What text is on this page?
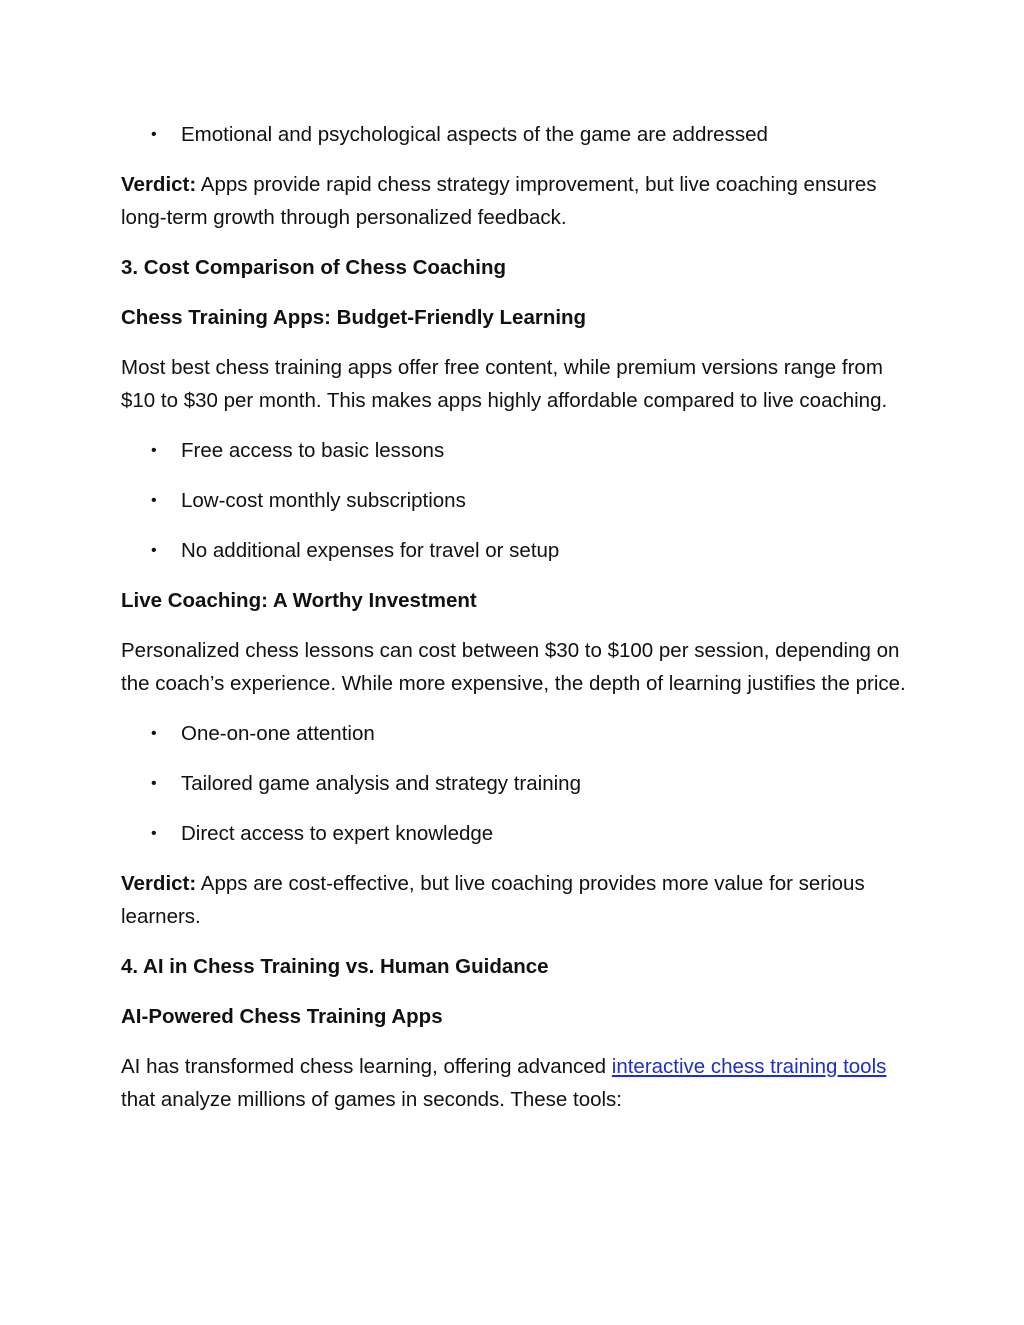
• Emotional and psychological aspects of the game are addressed

Verdict: Apps provide rapid chess strategy improvement, but live coaching ensures long-term growth through personalized feedback.

3. Cost Comparison of Chess Coaching

Chess Training Apps: Budget-Friendly Learning

Most best chess training apps offer free content, while premium versions range from $10 to $30 per month. This makes apps highly affordable compared to live coaching.

• Free access to basic lessons
• Low-cost monthly subscriptions
• No additional expenses for travel or setup

Live Coaching: A Worthy Investment

Personalized chess lessons can cost between $30 to $100 per session, depending on the coach’s experience. While more expensive, the depth of learning justifies the price.

• One-on-one attention
• Tailored game analysis and strategy training
• Direct access to expert knowledge

Verdict: Apps are cost-effective, but live coaching provides more value for serious learners.

4. AI in Chess Training vs. Human Guidance

AI-Powered Chess Training Apps

AI has transformed chess learning, offering advanced interactive chess training tools that analyze millions of games in seconds. These tools:
